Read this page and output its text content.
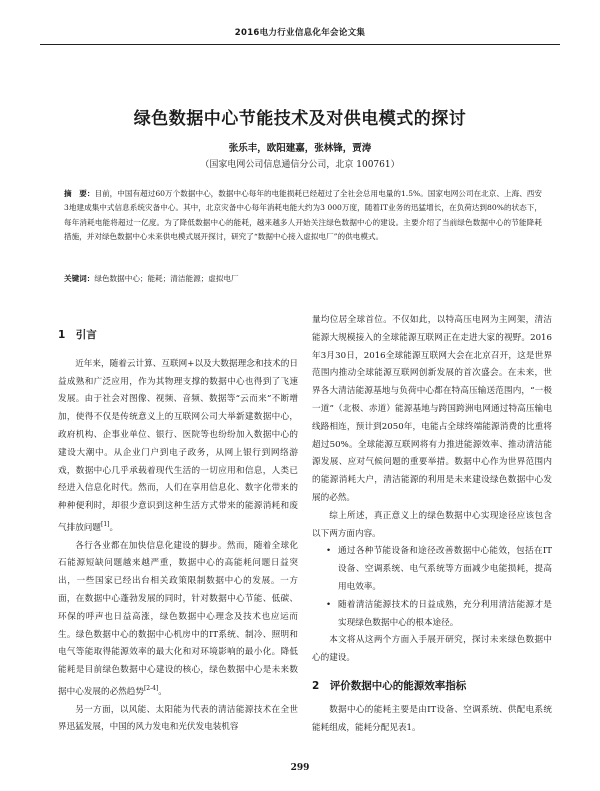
2016电力行业信息化年会论文集
绿色数据中心节能技术及对供电模式的探讨
张乐丰，欧阳建嘉，张林锋，贾涛
（国家电网公司信息通信分公司，北京 100761）
摘　要：目前，中国有超过60万个数据中心，数据中心每年的电能损耗已经超过了全社会总用电量的1.5%。国家电网公司在北京、上海、西安3地建成集中式信息系统灾备中心。其中，北京灾备中心每年消耗电能大约为3 000万度，随着IT业务的迅猛增长，在负荷达到80%的状态下，每年消耗电能将超过一亿度。为了降低数据中心的能耗，越来越多人开始关注绿色数据中心的建设。主要介绍了当前绿色数据中心的节能降耗措施，并对绿色数据中心未来供电模式展开探讨，研究了“数据中心接入虚拟电厂”的供电模式。
关键词：绿色数据中心；能耗；清洁能源；虚拟电厂
1　引言

近年来，随着云计算、互联网+以及大数据理念和技术的日益成熟和广泛应用，作为其物理支撑的数据中心也得到了飞速发展。由于社会对图像、视频、音频、数据等“云而来”不断增加，使得不仅是传统意义上的互联网公司大举新建数据中心，政府机构、企事业单位、银行、医院等也纷纷加入数据中心的建设大潮中。从企业门户到电子政务，从网上银行到网络游戏，数据中心几乎承载着现代生活的一切应用和信息，人类已经进入信息化时代。然而，人们在享用信息化、数字化带来的种种便利时，却很少意识到这种生活方式带来的能源消耗和废气排放问题[1]。

各行各业都在加快信息化建设的脚步。然而，随着全球化石能源短缺问题越来越严重，数据中心的高能耗问题日益突出，一些国家已经出台相关政策限制数据中心的发展。一方面，在数据中心蓬勃发展的同时，针对数据中心节能、低碳、环保的呼声也日益高涨，绿色数据中心理念及技术也应运而生。绿色数据中心的数据中心机房中的IT系统、制冷、照明和电气等能取得能源效率的最大化和对环境影响的最小化。降低能耗是目前绿色数据中心建设的核心，绿色数据中心是未来数据中心发展的必然趋势[2-4]。

另一方面，以风能、太阳能为代表的清洁能源技术在全世界迅猛发展，中国的风力发电和光伏发电装机容

量均位居全球首位。不仅如此，以特高压电网为主网架，清洁能源大规模接入的全球能源互联网正在走进大家的视野。2016年3月30日，2016全球能源互联网大会在北京召开，这是世界范围内推动全球能源互联网创新发展的首次盛会。在未来，世界各大清洁能源基地与负荷中心都在特高压输送范围内，“一极一道”（北极、赤道）能源基地与跨国跨洲电网通过特高压输电线路相连，预计到2050年，电能占全球终端能源消费的比重将超过50%。全球能源互联网将有力推进能源效率、推动清洁能源发展、应对气候问题的重要举措。数据中心作为世界范围内的能源消耗大户，清洁能源的利用是未来建设绿色数据中心发展的必然。

综上所述，真正意义上的绿色数据中心实现途径应该包含以下两方面内容。

• 通过各种节能设备和途径改善数据中心能效，包括在IT设备、空调系统、电气系统等方面减少电能损耗，提高用电效率。
• 随着清洁能源技术的日益成熟，充分利用清洁能源才是实现绿色数据中心的根本途径。

本文将从这两个方面入手展开研究，探讨未来绿色数据中心的建设。

2　评价数据中心的能源效率指标

数据中心的能耗主要是由IT设备、空调系统、供配电系统能耗组成，能耗分配见表1。

299
